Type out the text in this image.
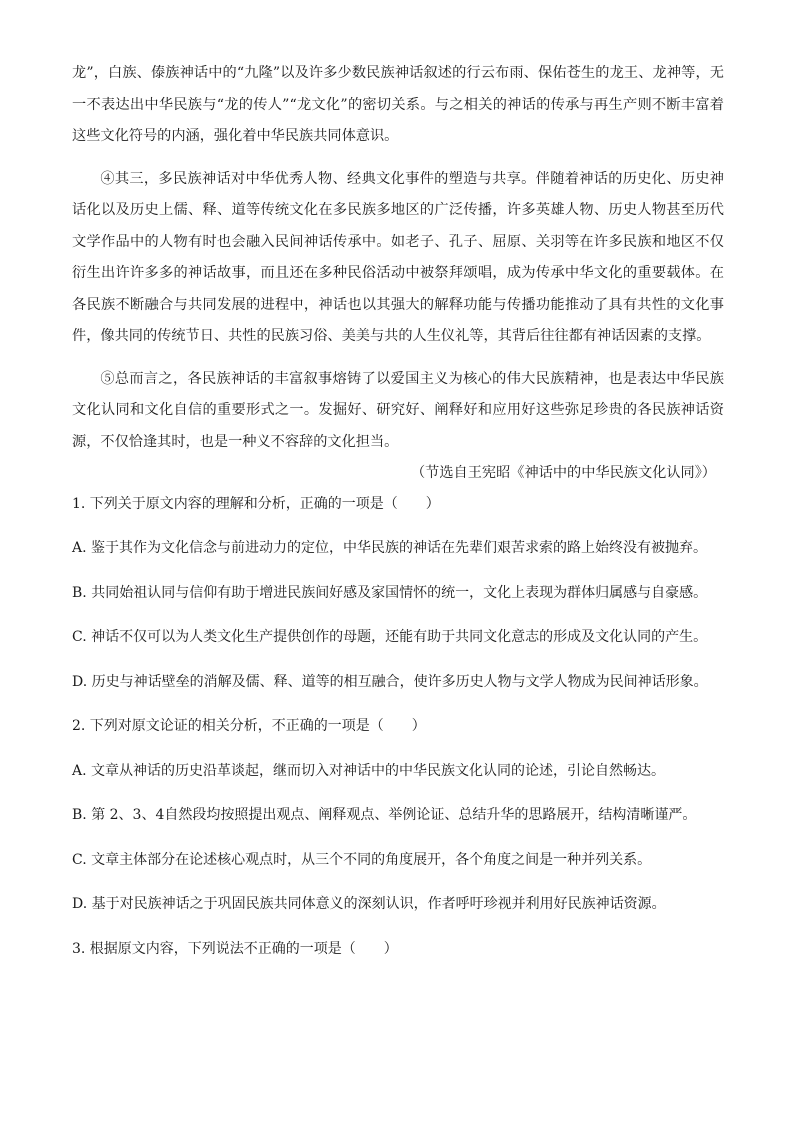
龙”，白族、傣族神话中的“九隆”以及许多少数民族神话叙述的行云布雨、保佑苍生的龙王、龙神等，无一不表达出中华民族与“龙的传人”“龙文化”的密切关系。与之相关的神话的传承与再生产则不断丰富着这些文化符号的内涵，强化着中华民族共同体意识。

④其三，多民族神话对中华优秀人物、经典文化事件的塑造与共享。伴随着神话的历史化、历史神话化以及历史上儒、释、道等传统文化在多民族多地区的广泛传播，许多英雄人物、历史人物甚至历代文学作品中的人物有时也会融入民间神话传承中。如老子、孔子、屈原、关羽等在许多民族和地区不仅衍生出许许多多的神话故事，而且还在多种民俗活动中被祭拜颂唱，成为传承中华文化的重要载体。在各民族不断融合与共同发展的进程中，神话也以其强大的解释功能与传播功能推动了具有共性的文化事件，像共同的传统节日、共性的民族习俗、美美与共的人生仪礼等，其背后往往都有神话因素的支撑。

⑤总而言之，各民族神话的丰富叙事熔铸了以爱国主义为核心的伟大民族精神，也是表达中华民族文化认同和文化自信的重要形式之一。发掘好、研究好、阐释好和应用好这些弥足珍贵的各民族神话资源，不仅恰逢其时，也是一种义不容辞的文化担当。

（节选自王宪昭《神话中的中华民族文化认同》）

1. 下列关于原文内容的理解和分析，正确的一项是（　　）

A. 鉴于其作为文化信念与前进动力的定位，中华民族的神话在先辈们艰苦求索的路上始终没有被抛弃。

B. 共同始祖认同与信仰有助于增进民族间好感及家国情怀的统一，文化上表现为群体归属感与自豪感。

C. 神话不仅可以为人类文化生产提供创作的母题，还能有助于共同文化意志的形成及文化认同的产生。

D. 历史与神话壁垒的消解及儒、释、道等的相互融合，使许多历史人物与文学人物成为民间神话形象。

2. 下列对原文论证的相关分析，不正确的一项是（　　）

A. 文章从神话的历史沿革谈起，继而切入对神话中的中华民族文化认同的论述，引论自然畅达。

B. 第 2、3、4自然段均按照提出观点、阐释观点、举例论证、总结升华的思路展开，结构清晰谨严。

C. 文章主体部分在论述核心观点时，从三个不同的角度展开，各个角度之间是一种并列关系。

D. 基于对民族神话之于巩固民族共同体意义的深刻认识，作者呼吁珍视并利用好民族神话资源。

3. 根据原文内容，下列说法不正确的一项是（　　）
